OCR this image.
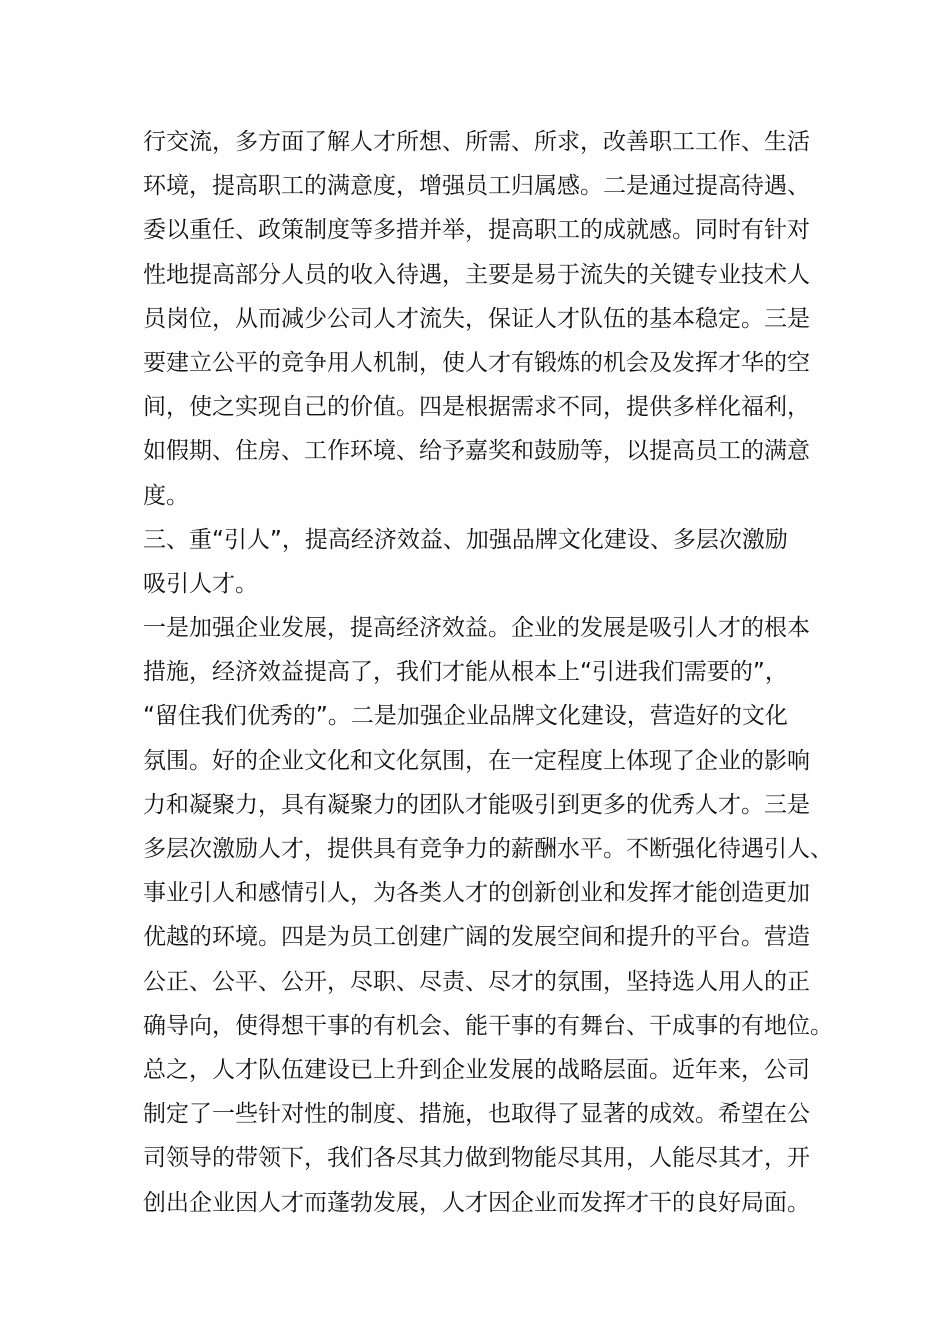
行交流，多方面了解人才所想、所需、所求，改善职工工作、生活
环境，提高职工的满意度，增强员工归属感。二是通过提高待遇、
委以重任、政策制度等多措并举，提高职工的成就感。同时有针对
性地提高部分人员的收入待遇，主要是易于流失的关键专业技术人
员岗位，从而减少公司人才流失，保证人才队伍的基本稳定。三是
要建立公平的竞争用人机制，使人才有锻炼的机会及发挥才华的空
间，使之实现自己的价值。四是根据需求不同，提供多样化福利，
如假期、住房、工作环境、给予嘉奖和鼓励等，以提高员工的满意
度。
三、重“引人”，提高经济效益、加强品牌文化建设、多层次激励
吸引人才。
一是加强企业发展，提高经济效益。企业的发展是吸引人才的根本
措施，经济效益提高了，我们才能从根本上“引进我们需要的”，
“留住我们优秀的”。二是加强企业品牌文化建设，营造好的文化
氛围。好的企业文化和文化氛围，在一定程度上体现了企业的影响
力和凝聚力，具有凝聚力的团队才能吸引到更多的优秀人才。三是
多层次激励人才，提供具有竞争力的薪酬水平。不断强化待遇引人、
事业引人和感情引人，为各类人才的创新创业和发挥才能创造更加
优越的环境。四是为员工创建广阔的发展空间和提升的平台。营造
公正、公平、公开，尽职、尽责、尽才的氛围，坚持选人用人的正
确导向，使得想干事的有机会、能干事的有舞台、干成事的有地位。
总之，人才队伍建设已上升到企业发展的战略层面。近年来，公司
制定了一些针对性的制度、措施，也取得了显著的成效。希望在公
司领导的带领下，我们各尽其力做到物能尽其用，人能尽其才，开
创出企业因人才而蓬勃发展，人才因企业而发挥才干的良好局面。
